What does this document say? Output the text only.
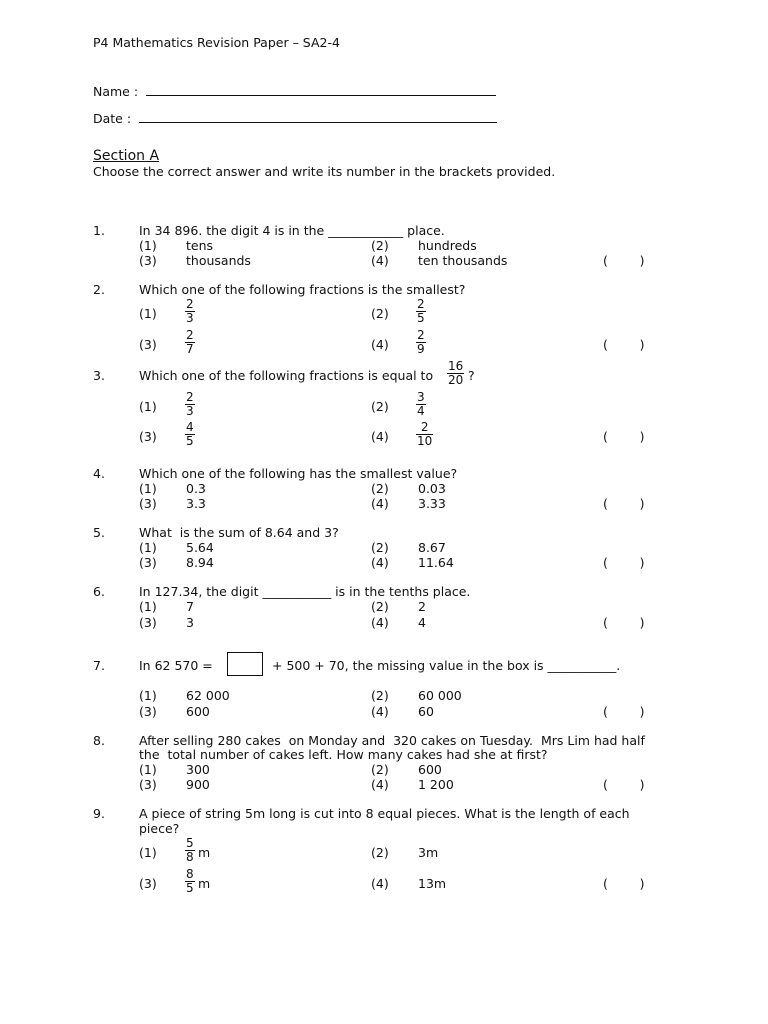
P4 Mathematics Revision Paper – SA2-4
Name :
Date :
Section A
Choose the correct answer and write its number in the brackets provided.
1.	In 34 896. the digit 4 is in the ____________ place.
(1) tens	(2) hundreds
(3) thousands	(4) ten thousands	(        )
2.	Which one of the following fractions is the smallest?
(1)
2
3	(2)
2
5
(3)
2
7	(4)
2
9	(        )
3.	Which one of the following fractions is equal to
16
20 ?
(1)
2
3	(2)
3
4
(3)
4
5	(4)
2
10	(        )
4.	Which one of the following has the smallest value?
(1) 0.3	(2) 0.03
(3) 3.3	(4) 3.33	(        )
5.	What  is the sum of 8.64 and 3?
(1) 5.64	(2) 8.67
(3) 8.94	(4) 11.64	(        )
6.	In 127.34, the digit ___________ is in the tenths place.
(1) 7	(2) 2
(3) 3	(4) 4	(        )
7.	In 62 570 =	+ 500 + 70, the missing value in the box is ___________.
(1) 62 000	(2) 60 000
(3) 600	(4) 60	(        )
8.	After selling 280 cakes  on Monday and  320 cakes on Tuesday.  Mrs Lim had half
the  total number of cakes left. How many cakes had she at first?
(1) 300	(2) 600
(3) 900	(4) 1 200	(        )
9.	A piece of string 5m long is cut into 8 equal pieces. What is the length of each
piece?
(1)
5
8 m	(2) 3m
(3)
8
5 m	(4) 13m	(        )
